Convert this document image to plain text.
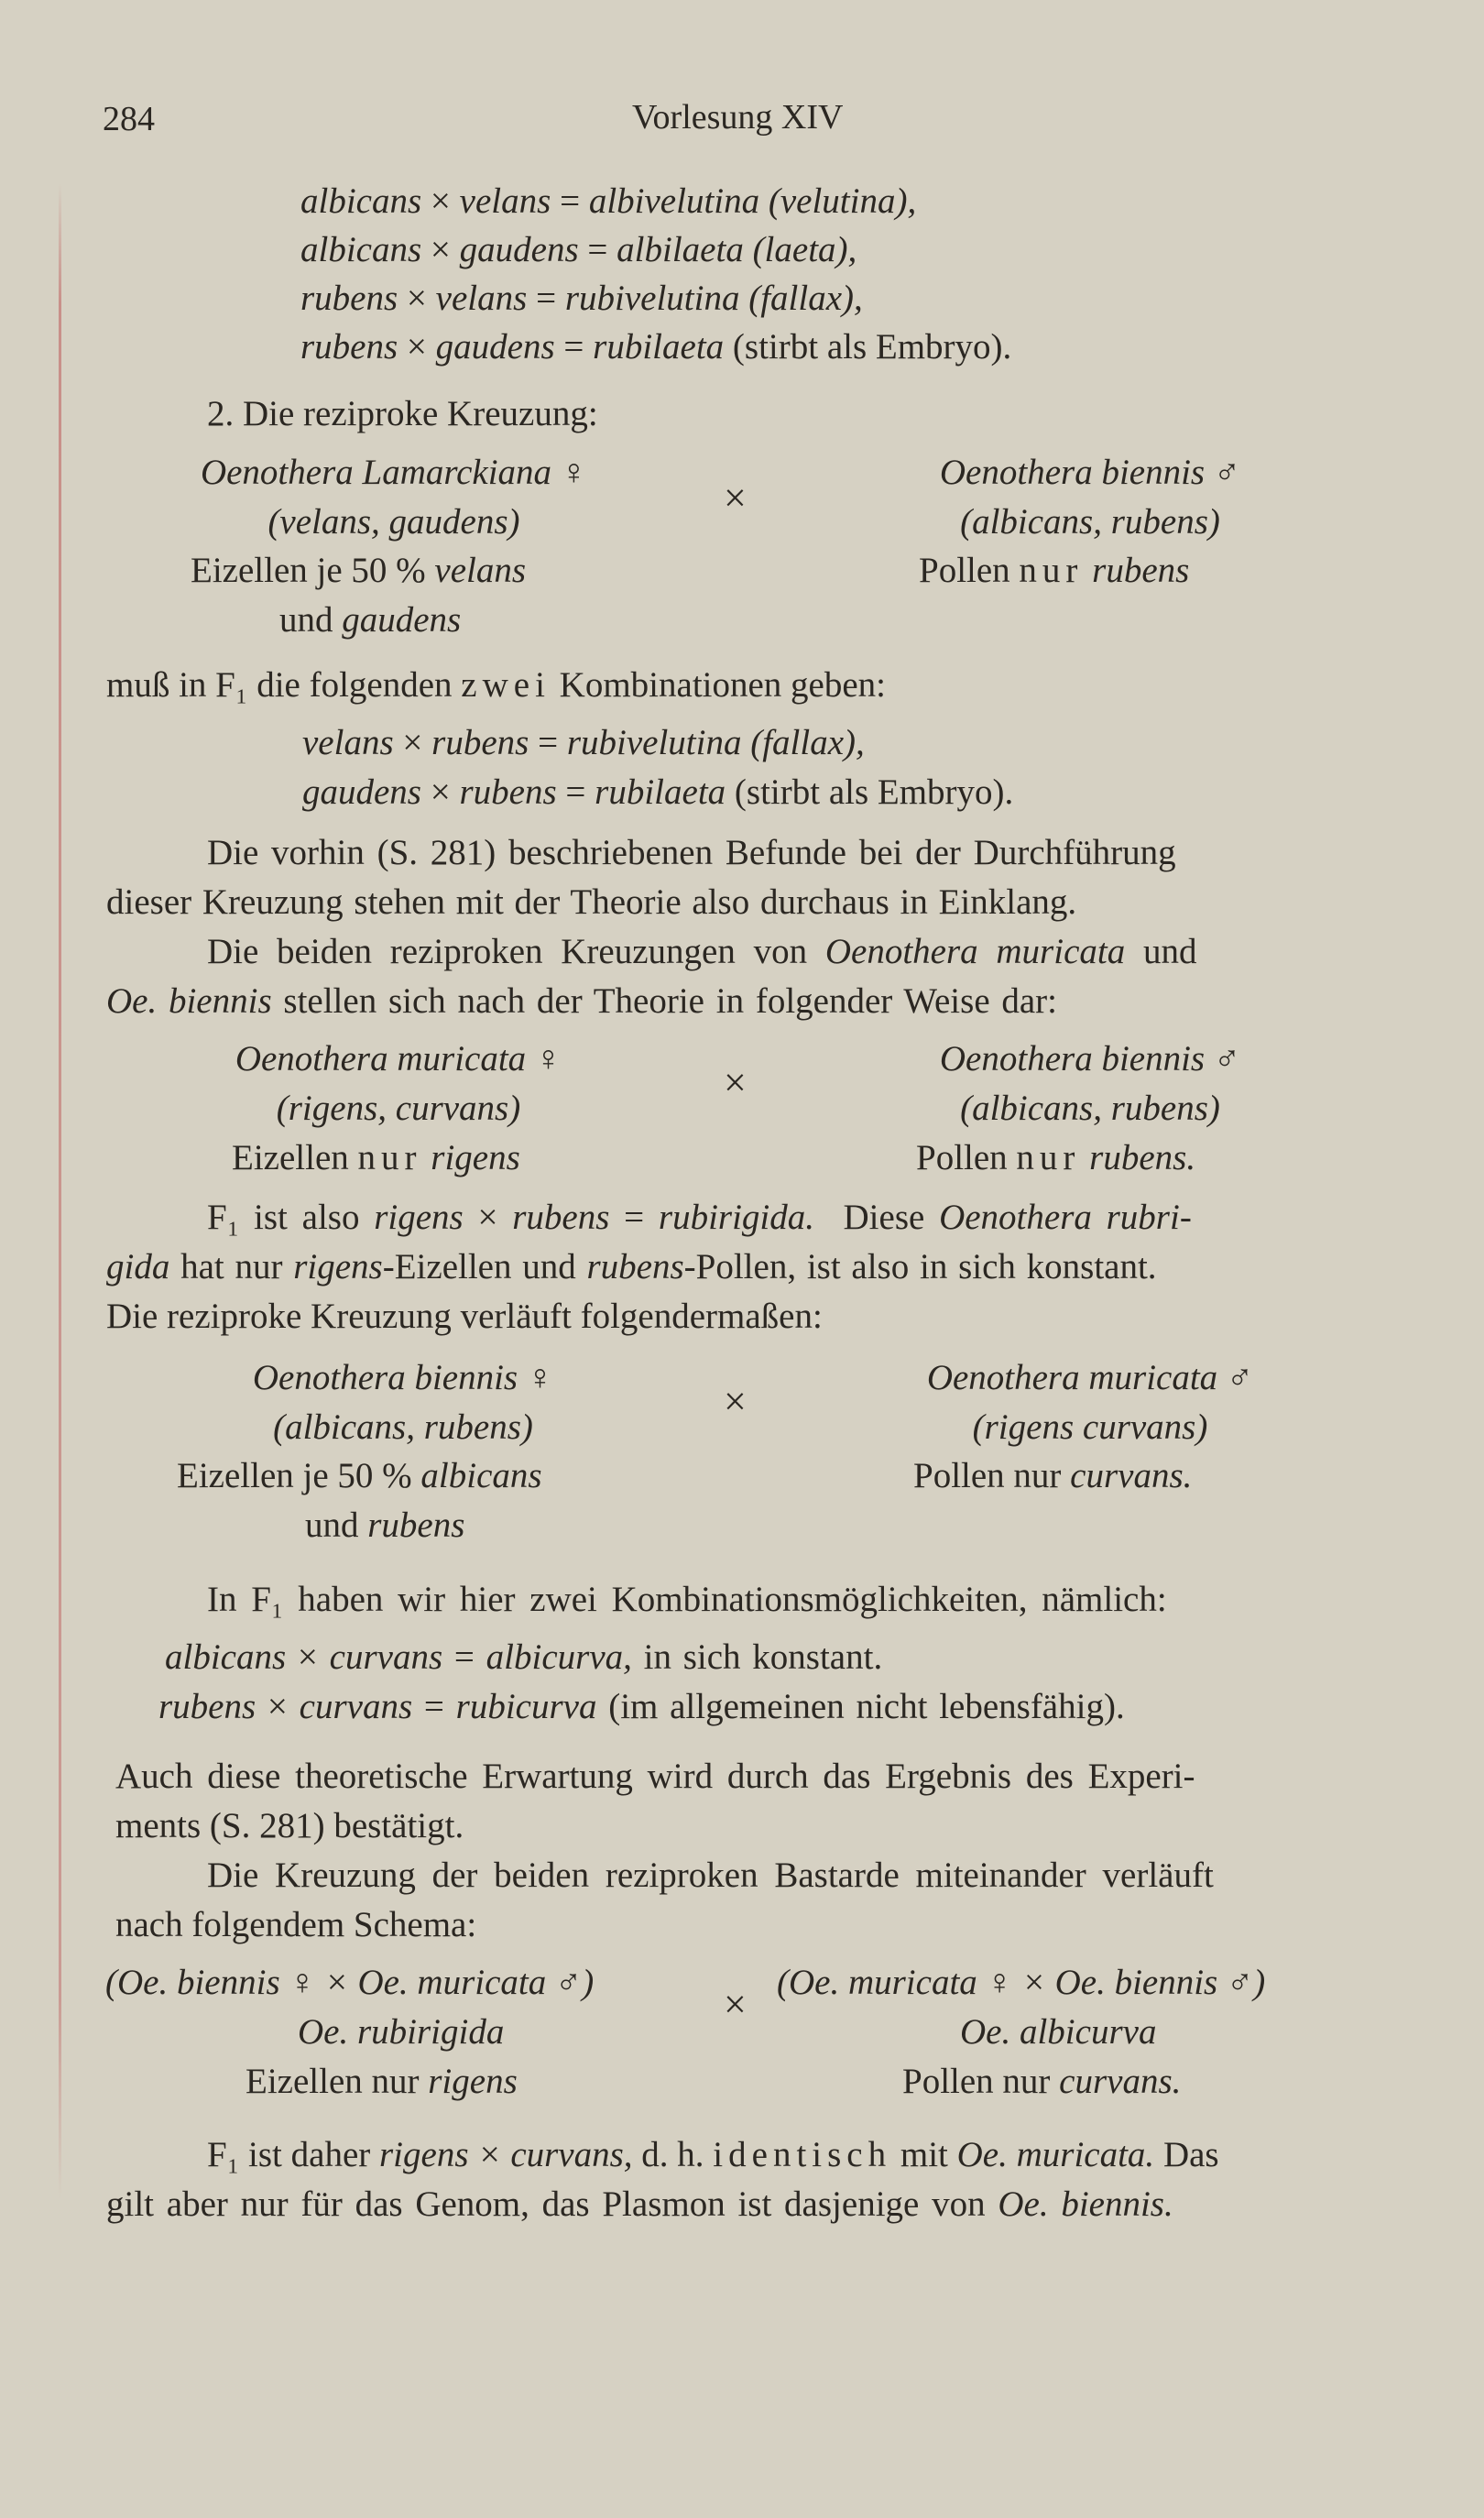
284	Vorlesung XIV
albicans × velans = albivelutina (velutina),
albicans × gaudens = albilaeta (laeta),
rubens × velans = rubivelutina (fallax),
rubens × gaudens = rubilaeta (stirbt als Embryo).
2. Die reziproke Kreuzung:
Oenothera Lamarckiana ♀
(velans, gaudens)
Eizellen je 50 % velans
und gaudens
×
Oenothera biennis ♂
(albicans, rubens)
Pollen nur rubens
muß in F₁ die folgenden zwei Kombinationen geben:
velans × rubens = rubivelutina (fallax),
gaudens × rubens = rubilaeta (stirbt als Embryo).
Die vorhin (S. 281) beschriebenen Befunde bei der Durchführung
dieser Kreuzung stehen mit der Theorie also durchaus in Einklang.
Die beiden reziproken Kreuzungen von Oenothera muricata und
Oe. biennis stellen sich nach der Theorie in folgender Weise dar:
Oenothera muricata ♀
(rigens, curvans)
Eizellen nur rigens
×
Oenothera biennis ♂
(albicans, rubens)
Pollen nur rubens.
F₁ ist also rigens × rubens = rubirigida. Diese Oenothera rubri-
gida hat nur rigens-Eizellen und rubens-Pollen, ist also in sich konstant.
Die reziproke Kreuzung verläuft folgendermaßen:
Oenothera biennis ♀
(albicans, rubens)
Eizellen je 50 % albicans
und rubens
×
Oenothera muricata ♂
(rigens curvans)
Pollen nur curvans.
In F₁ haben wir hier zwei Kombinationsmöglichkeiten, nämlich:
albicans × curvans = albicurva, in sich konstant.
rubens × curvans = rubicurva (im allgemeinen nicht lebensfähig).
Auch diese theoretische Erwartung wird durch das Ergebnis des Experi-
ments (S. 281) bestätigt.
Die Kreuzung der beiden reziproken Bastarde miteinander verläuft
nach folgendem Schema:
(Oe. biennis ♀ × Oe. muricata ♂)
Oe. rubirigida
Eizellen nur rigens
× (Oe. muricata ♀ × Oe. biennis ♂)
Oe. albicurva
Pollen nur curvans.
F₁ ist daher rigens × curvans, d. h. identisch mit Oe. muricata. Das
gilt aber nur für das Genom, das Plasmon ist dasjenige von Oe. biennis.
